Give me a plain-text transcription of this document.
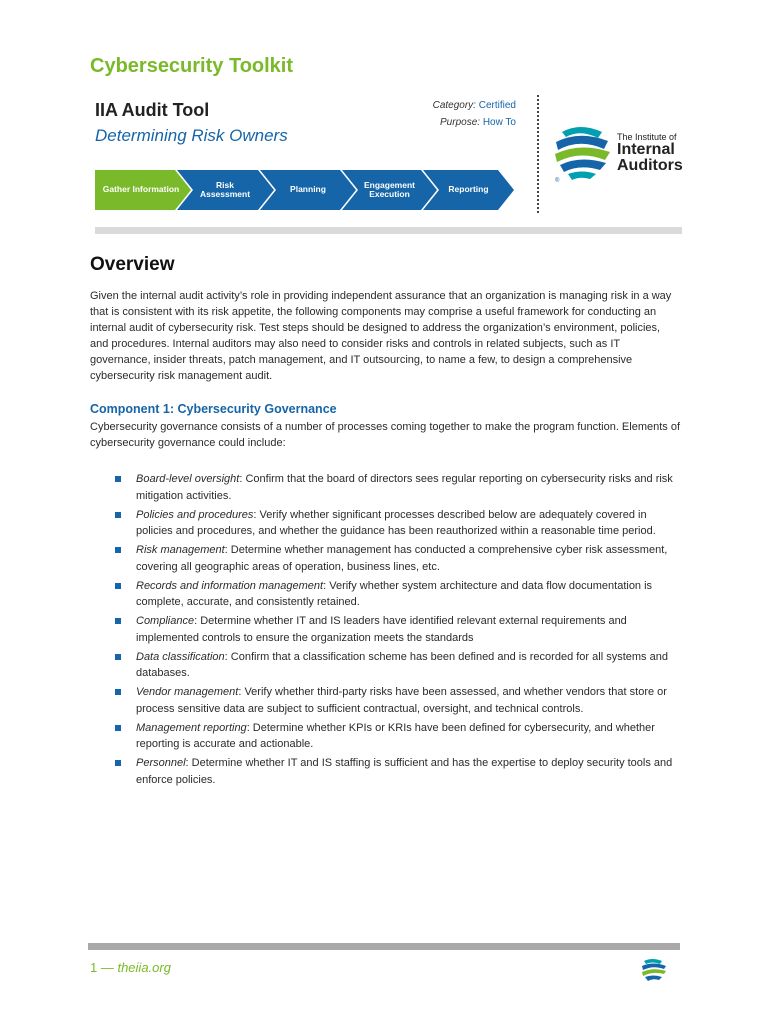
Cybersecurity Toolkit
IIA Audit Tool
Determining Risk Owners
Category: Certified
Purpose: How To
®
The Institute of
Internal
Auditors
Gather Information	Risk Assessment	Planning	Engagement Execution	Reporting
Overview

Given the internal audit activity’s role in providing independent assurance that an organization is managing risk in a way that is consistent with its risk appetite, the following components may comprise a useful framework for conducting an internal audit of cybersecurity risk. Test steps should be designed to address the organization’s environment, policies, and procedures. Internal auditors may also need to consider risks and controls in related subjects, such as IT governance, insider threats, patch management, and IT outsourcing, to name a few, to design a comprehensive cybersecurity risk management audit.

Component 1: Cybersecurity Governance

Cybersecurity governance consists of a number of processes coming together to make the program function. Elements of cybersecurity governance could include:

Board-level oversight: Confirm that the board of directors sees regular reporting on cybersecurity risks and risk mitigation activities.
Policies and procedures: Verify whether significant processes described below are adequately covered in policies and procedures, and whether the guidance has been reauthorized within a reasonable time period.
Risk management: Determine whether management has conducted a comprehensive cyber risk assessment, covering all geographic areas of operation, business lines, etc.
Records and information management: Verify whether system architecture and data flow documentation is complete, accurate, and consistently retained.
Compliance: Determine whether IT and IS leaders have identified relevant external requirements and implemented controls to ensure the organization meets the standards
Data classification: Confirm that a classification scheme has been defined and is recorded for all systems and databases.
Vendor management: Verify whether third-party risks have been assessed, and whether vendors that store or process sensitive data are subject to sufficient contractual, oversight, and technical controls.
Management reporting: Determine whether KPIs or KRIs have been defined for cybersecurity, and whether reporting is accurate and actionable.
Personnel: Determine whether IT and IS staffing is sufficient and has the expertise to deploy security tools and enforce policies.
1 — theiia.org
